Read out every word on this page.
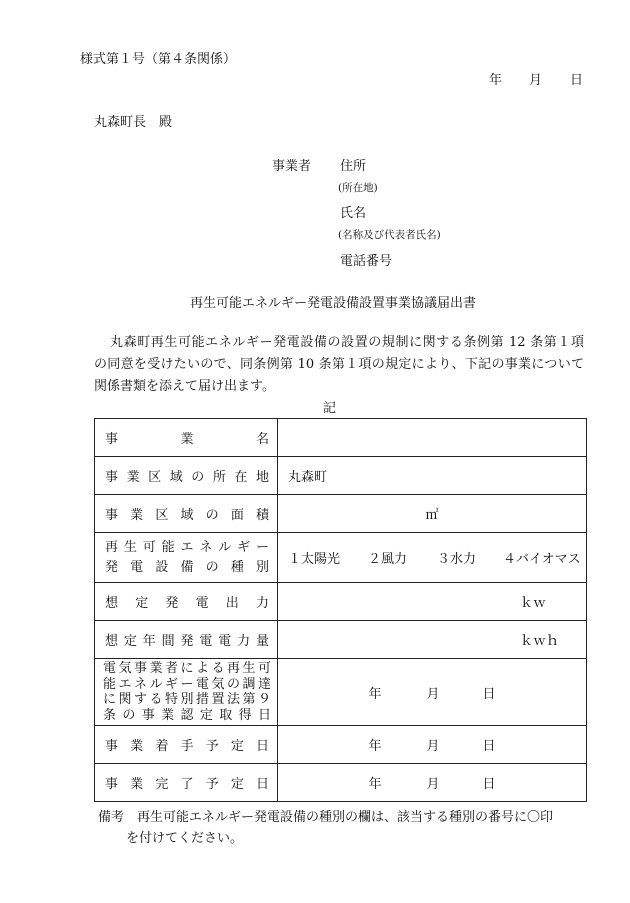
様式第１号（第４条関係）
年 月 日
丸森町長　殿
事業者 住所
(所在地)
氏名
(名称及び代表者氏名)
電話番号
再生可能エネルギー発電設備設置事業協議届出書
丸森町再生可能エネルギー発電設備の設置の規制に関する条例第 12 条第１項
の同意を受けたいので、同条例第 10 条第１項の規定により、下記の事業について
関係書類を添えて届け出ます。
記
事業名	

事業区域の所在地	丸森町

事業区域の面積	㎡

再生可能エネルギー
発電設備の種別	１太陽光 ２風力 ３水力 ４バイオマス

想定発電出力	ｋｗ

想定年間発電電力量	ｋｗｈ

電気事業者による再生可
能エネルギー電気の調達
に関する特別措置法第９
条の事業認定取得日	年 月 日

事業着手予定日	年 月 日

事業完了予定日	年 月 日
備考　再生可能エネルギー発電設備の種別の欄は、該当する種別の番号に〇印
を付けてください。
